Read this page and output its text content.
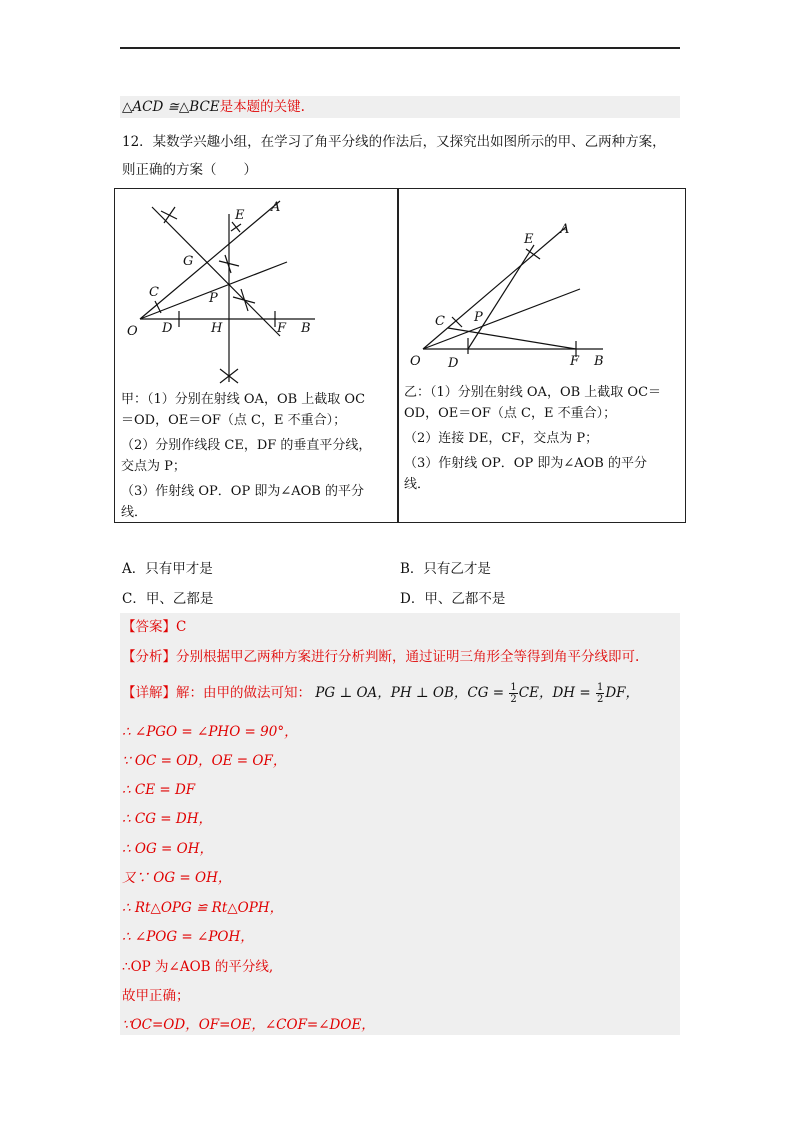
△ACD ≅△BCE是本题的关键.
12．某数学兴趣小组，在学习了角平分线的作法后，又探究出如图所示的甲、乙两种方案，
则正确的方案（　　）
O D	H	F B
C	P
G
E
A
O D	F B
C P
E
A
甲：（1）分别在射线 OA，OB 上截取 OC
＝OD，OE＝OF（点 C，E 不重合）；
（2）分别作线段 CE，DF 的垂直平分线，
交点为 P；
（3）作射线 OP．OP 即为∠AOB 的平分
线．
乙：（1）分别在射线 OA，OB 上截取 OC＝
OD，OE＝OF（点 C，E 不重合）；
（2）连接 DE，CF，交点为 P；
（3）作射线 OP．OP 即为∠AOB 的平分
线．
A．只有甲才是	B．只有乙才是
C．甲、乙都是	D．甲、乙都不是
【答案】C
【分析】分别根据甲乙两种方案进行分析判断，通过证明三角形全等得到角平分线即可.
【详解】解：由甲的做法可知： PG ⊥ OA，PH ⊥ OB，CG = $\frac{1}{2}$ CE，DH = $\frac{1}{2}$ DF，
∴ ∠PGO = ∠PHO = 90°，
∵ OC = OD，OE = OF，
∴ CE = DF
∴ CG = DH，
∴ OG = OH，
又∵ OG = OH，
∴ Rt△OPG ≌ Rt△OPH，
∴ ∠POG = ∠POH，
∴OP 为∠AOB 的平分线,
故甲正确；
∵OC=OD，OF=OE，∠COF=∠DOE，
